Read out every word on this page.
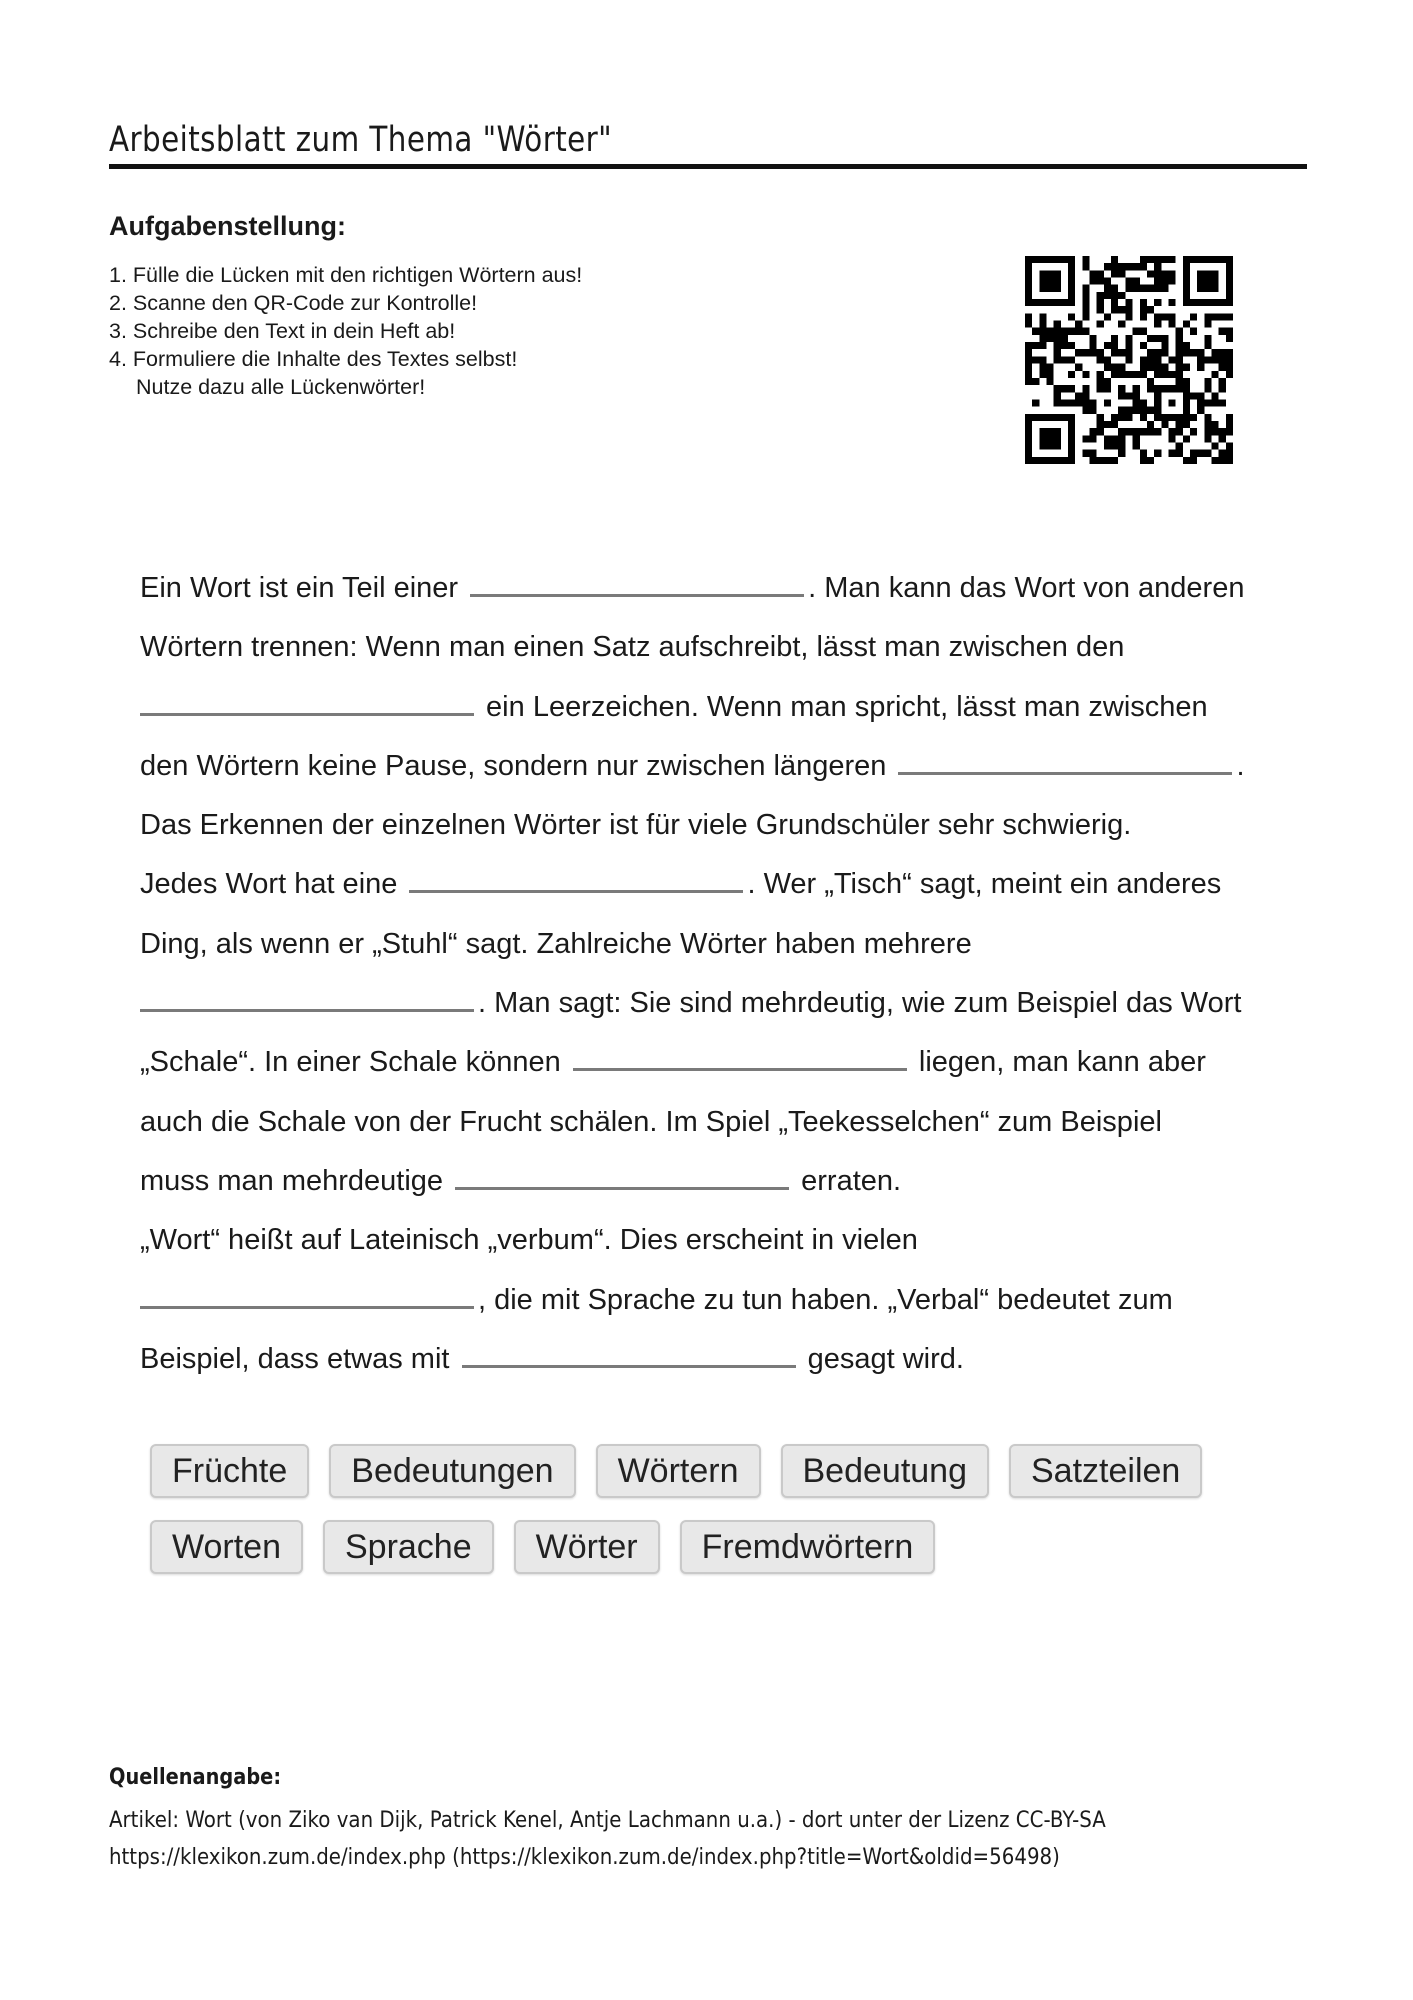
Arbeitsblatt zum Thema "Wörter"
Aufgabenstellung:
1. Fülle die Lücken mit den richtigen Wörtern aus!
2. Scanne den QR-Code zur Kontrolle!
3. Schreibe den Text in dein Heft ab!
4. Formuliere die Inhalte des Textes selbst!
Nutze dazu alle Lückenwörter!
Ein Wort ist ein Teil einer	. Man kann das Wort von anderen
Wörtern trennen: Wenn man einen Satz aufschreibt, lässt man zwischen den
ein Leerzeichen. Wenn man spricht, lässt man zwischen
den Wörtern keine Pause, sondern nur zwischen längeren	.
Das Erkennen der einzelnen Wörter ist für viele Grundschüler sehr schwierig.
Jedes Wort hat eine	. Wer „Tisch“ sagt, meint ein anderes
Ding, als wenn er „Stuhl“ sagt. Zahlreiche Wörter haben mehrere
. Man sagt: Sie sind mehrdeutig, wie zum Beispiel das Wort
„Schale“. In einer Schale können	liegen, man kann aber
auch die Schale von der Frucht schälen. Im Spiel „Teekesselchen“ zum Beispiel
muss man mehrdeutige	erraten.
„Wort“ heißt auf Lateinisch „verbum“. Dies erscheint in vielen
, die mit Sprache zu tun haben. „Verbal“ bedeutet zum
Beispiel, dass etwas mit	gesagt wird.
Früchte	Bedeutungen	Wörtern	Bedeutung	Satzteilen
Worten	Sprache	Wörter	Fremdwörtern
Quellenangabe:

Artikel: Wort (von Ziko van Dijk, Patrick Kenel, Antje Lachmann u.a.) - dort unter der Lizenz CC-BY-SA

https://klexikon.zum.de/index.php (https://klexikon.zum.de/index.php?title=Wort&oldid=56498)
